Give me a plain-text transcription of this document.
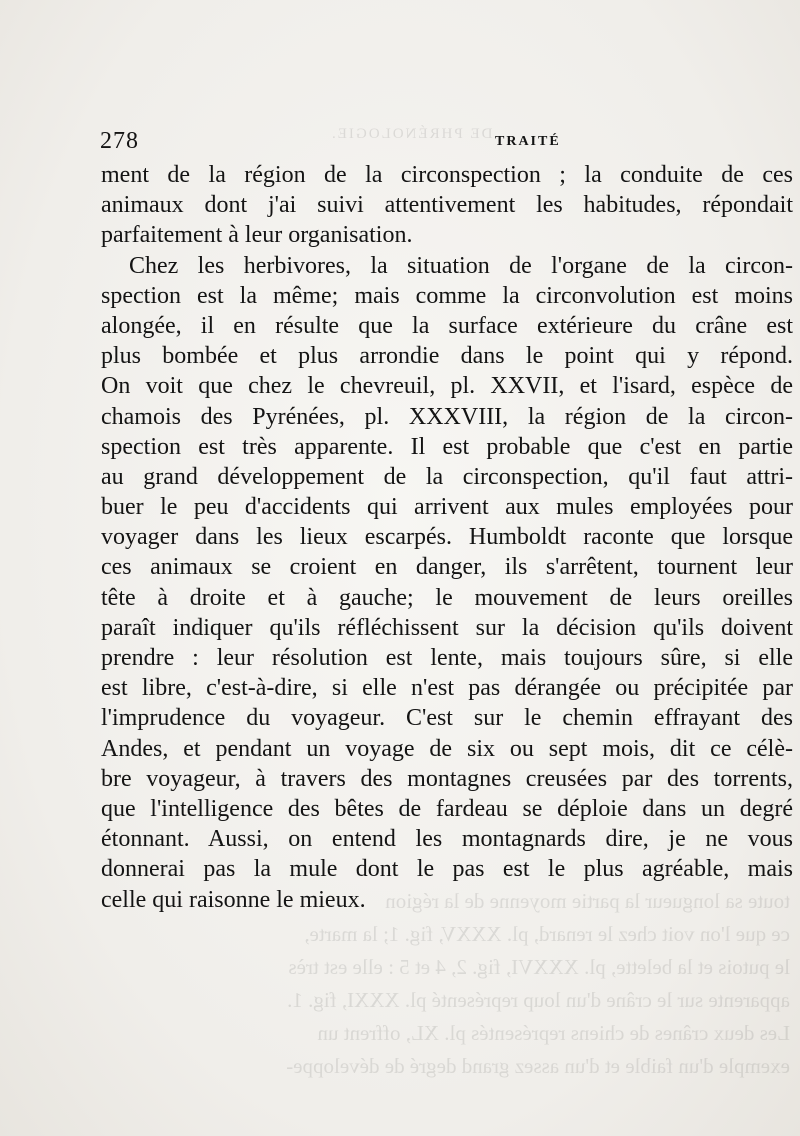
DE PHRÉNOLOGIE.
toute sa longueur la partie moyenne de la région
ce que l'on voit chez le renard, pl. XXXV, fig. 1; la marte,
le putois et la belette, pl. XXXVI, fig. 2, 4 et 5 : elle est très
apparente sur le crâne d'un loup représenté pl. XXXI, fig. 1.
Les deux crânes de chiens représentés pl. XL, offrent un
exemple d'un faible et d'un assez grand degré de développe-
278	TRAITÉ
ment de la région de la circonspection ; la conduite de ces
animaux dont j'ai suivi attentivement les habitudes, répondait
parfaitement à leur organisation.
Chez les herbivores, la situation de l'organe de la circon-
spection est la même; mais comme la circonvolution est moins
alongée, il en résulte que la surface extérieure du crâne est
plus bombée et plus arrondie dans le point qui y répond.
On voit que chez le chevreuil, pl. XXVII, et l'isard, espèce de
chamois des Pyrénées, pl. XXXVIII, la région de la circon-
spection est très apparente. Il est probable que c'est en partie
au grand développement de la circonspection, qu'il faut attri-
buer le peu d'accidents qui arrivent aux mules employées pour
voyager dans les lieux escarpés. Humboldt raconte que lorsque
ces animaux se croient en danger, ils s'arrêtent, tournent leur
tête à droite et à gauche; le mouvement de leurs oreilles
paraît indiquer qu'ils réfléchissent sur la décision qu'ils doivent
prendre : leur résolution est lente, mais toujours sûre, si elle
est libre, c'est-à-dire, si elle n'est pas dérangée ou précipitée par
l'imprudence du voyageur. C'est sur le chemin effrayant des
Andes, et pendant un voyage de six ou sept mois, dit ce célè-
bre voyageur, à travers des montagnes creusées par des torrents,
que l'intelligence des bêtes de fardeau se déploie dans un degré
étonnant. Aussi, on entend les montagnards dire, je ne vous
donnerai pas la mule dont le pas est le plus agréable, mais
celle qui raisonne le mieux.
